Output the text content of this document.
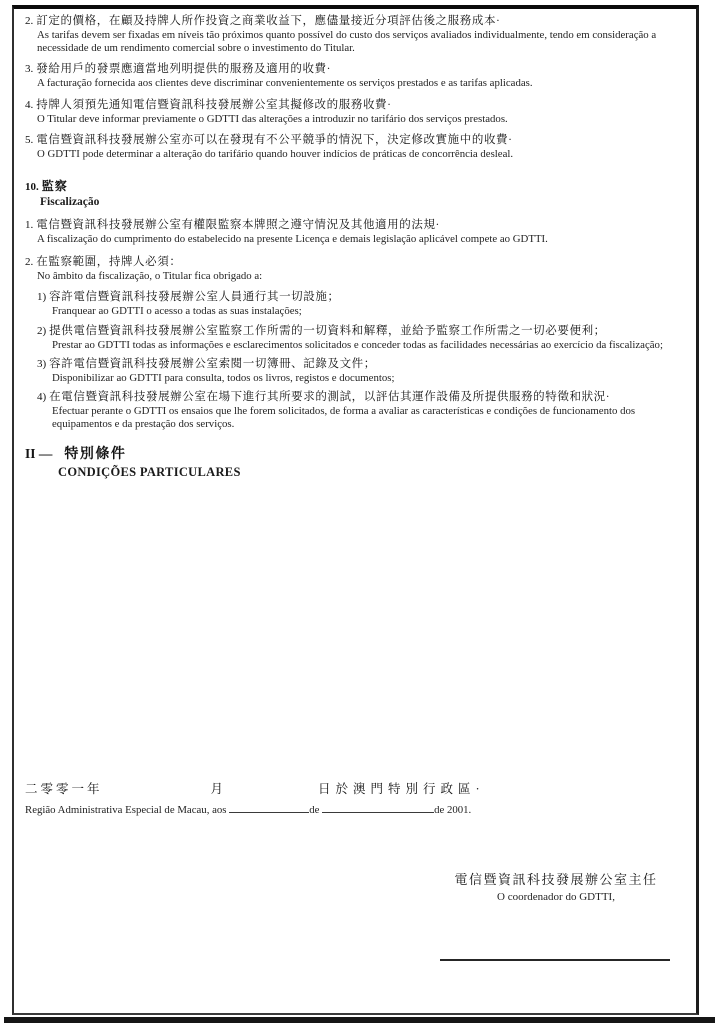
2. 訂定的價格，在顧及持牌人所作投資之商業收益下，應儘量接近分項評估後之服務成本·
As tarifas devem ser fixadas em níveis tão próximos quanto possível do custo dos serviços avaliados individualmente, tendo em consideração a necessidade de um rendimento comercial sobre o investimento do Titular.
3. 發給用戶的發票應適當地列明提供的服務及適用的收費·
A facturação fornecida aos clientes deve discriminar convenientemente os serviços prestados e as tarifas aplicadas.
4. 持牌人須預先通知電信暨資訊科技發展辦公室其擬修改的服務收費·
O Titular deve informar previamente o GDTTI das alterações a introduzir no tarifário dos serviços prestados.
5. 電信暨資訊科技發展辦公室亦可以在發現有不公平競爭的情況下，決定修改實施中的收費·
O GDTTI pode determinar a alteração do tarifário quando houver indícios de práticas de concorrência desleal.
10. 監察
Fiscalização
1. 電信暨資訊科技發展辦公室有權限監察本牌照之遵守情況及其他適用的法規·
A fiscalização do cumprimento do estabelecido na presente Licença e demais legislação aplicável compete ao GDTTI.
2. 在監察範圍，持牌人必須：
No âmbito da fiscalização, o Titular fica obrigado a:
1) 容許電信暨資訊科技發展辦公室人員通行其一切設施；
Franquear ao GDTTI o acesso a todas as suas instalações;
2) 提供電信暨資訊科技發展辦公室監察工作所需的一切資料和解釋，並給予監察工作所需之一切必要便利；
Prestar ao GDTTI todas as informações e esclarecimentos solicitados e conceder todas as facilidades necessárias ao exercício da fiscalização;
3) 容許電信暨資訊科技發展辦公室索閱一切簿冊、記錄及文件；
Disponibilizar ao GDTTI para consulta, todos os livros, registos e documentos;
4) 在電信暨資訊科技發展辦公室在場下進行其所要求的測試，以評估其運作設備及所提供服務的特徵和狀況·
Efectuar perante o GDTTI os ensaios que lhe forem solicitados, de forma a avaliar as características e condições de funcionamento dos equipamentos e da prestação dos serviços.
II — 特別條件
CONDIÇÕES PARTICULARES
二零零一年	月	日於澳門特別行政區·
Região Administrativa Especial de Macau, aos	de	de 2001.
電信暨資訊科技發展辦公室主任
O coordenador do GDTTI,
